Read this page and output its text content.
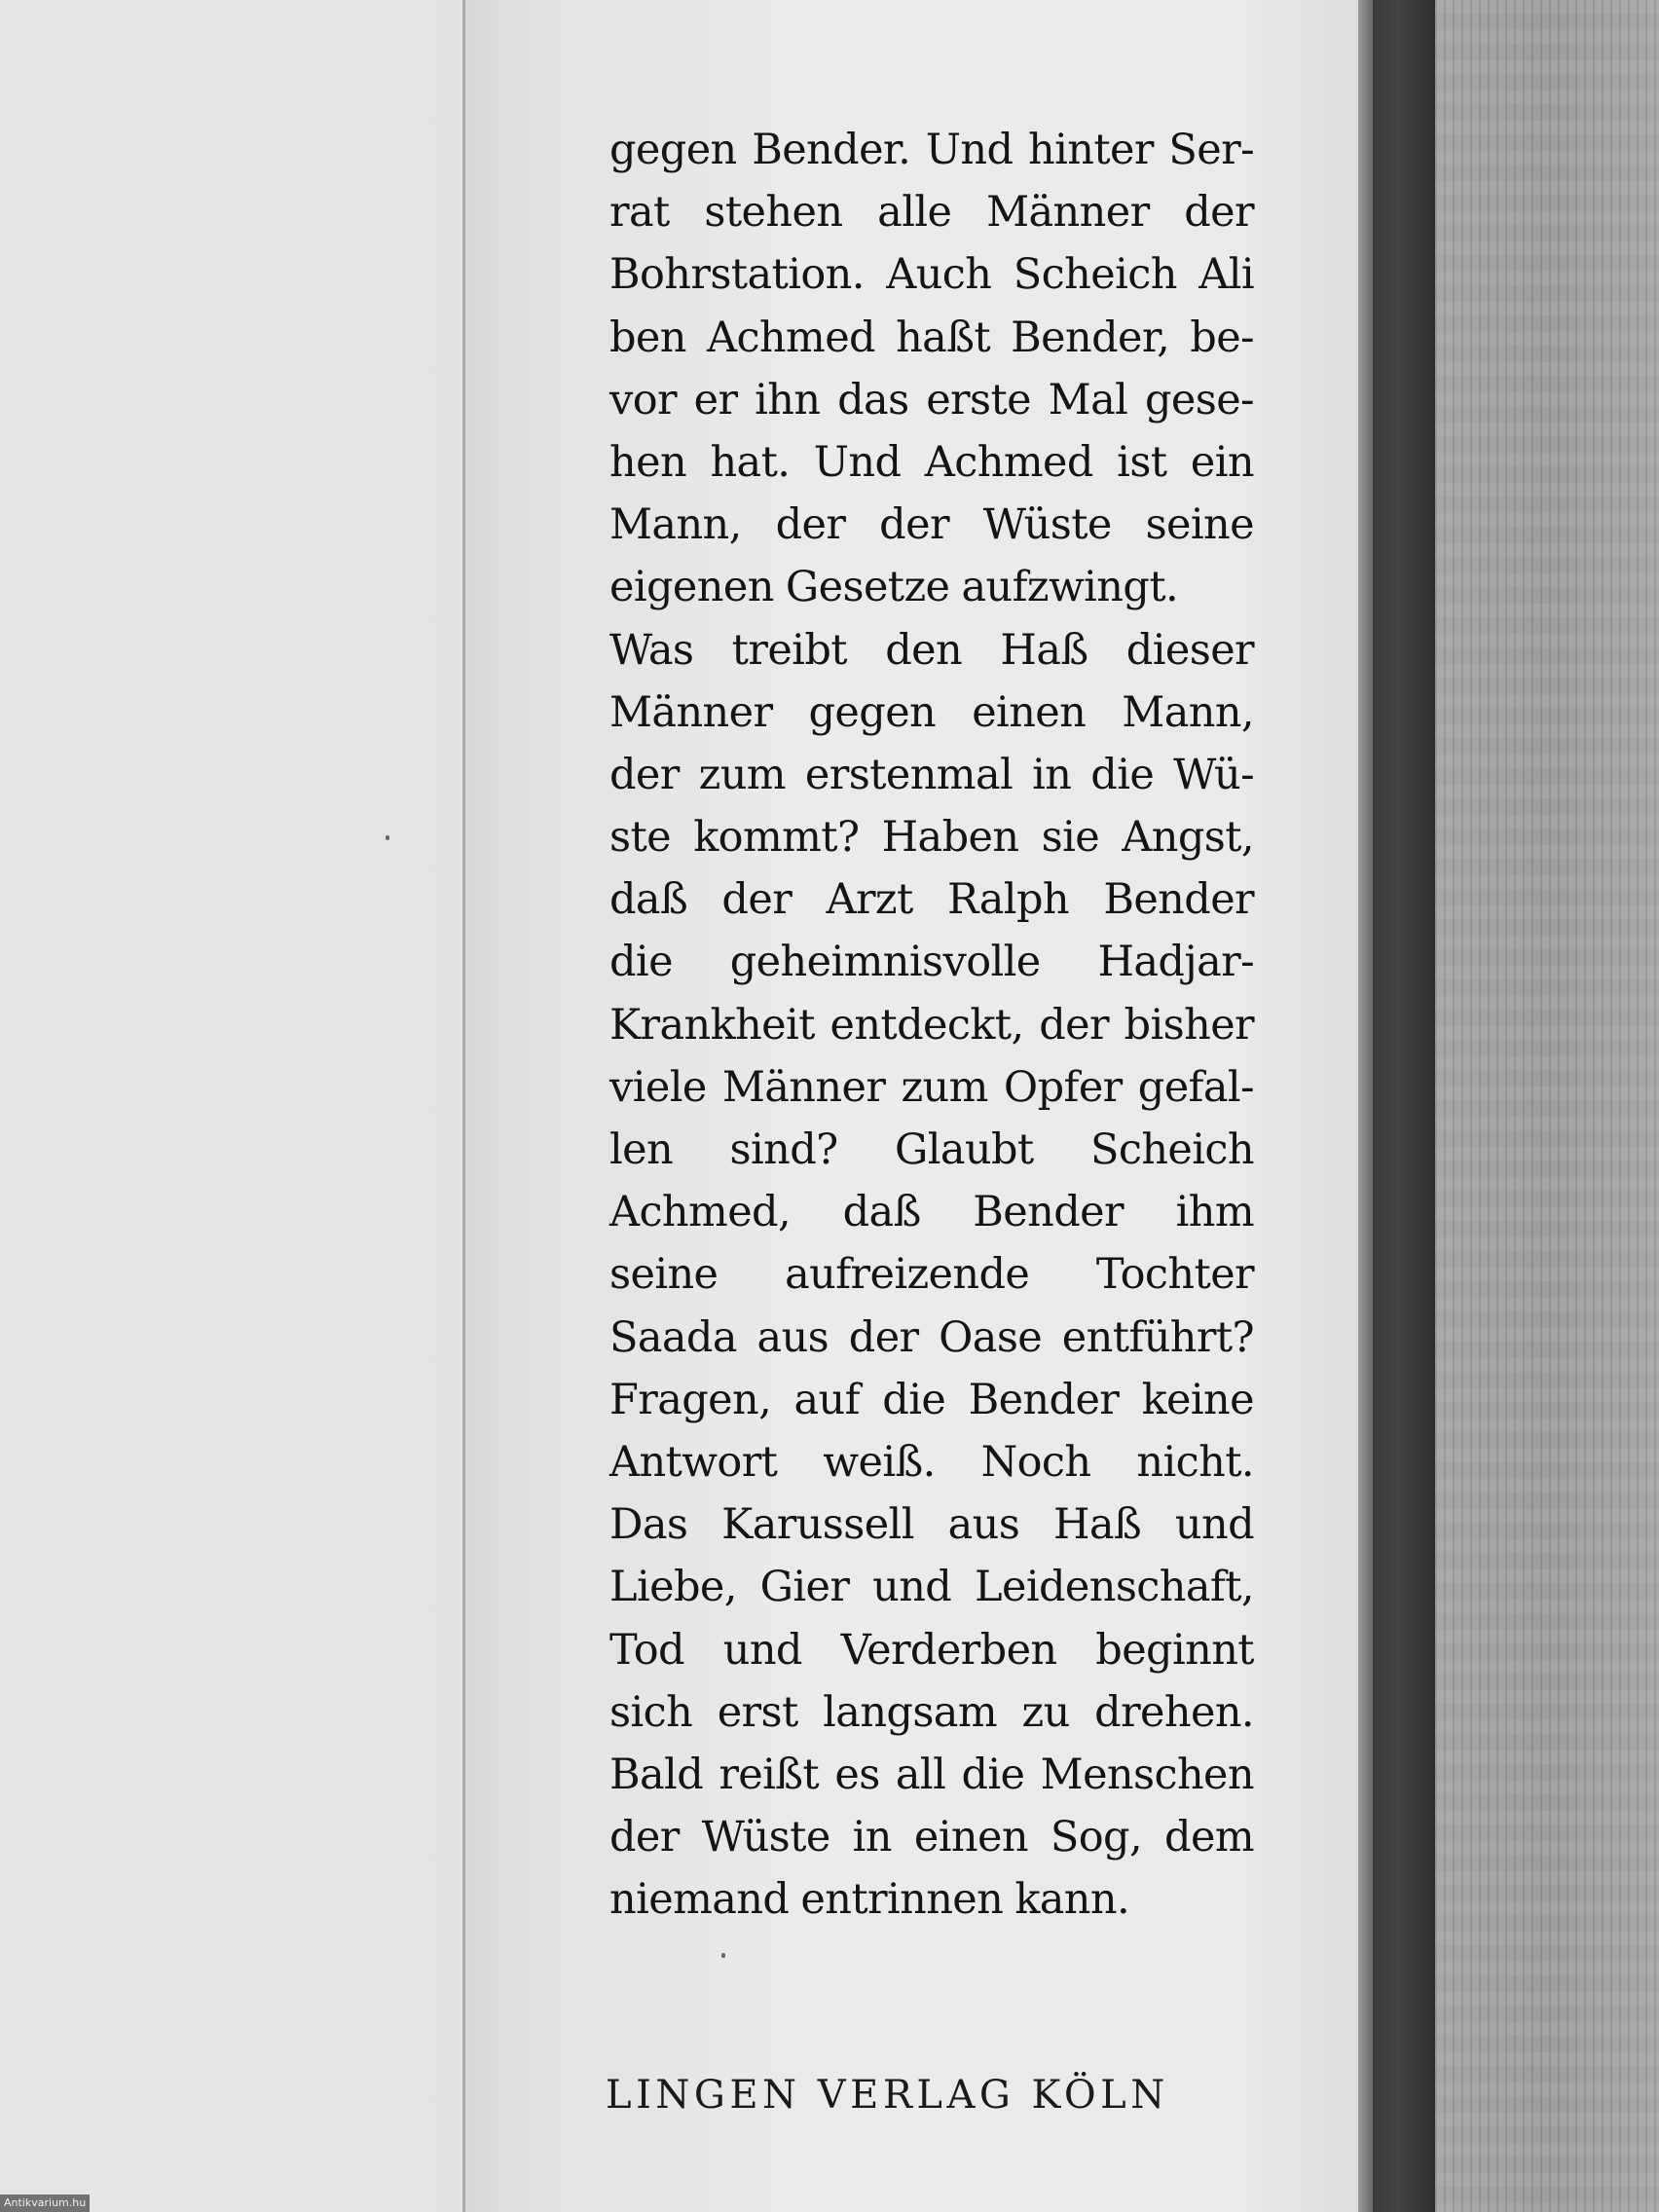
gegen Bender. Und hinter Ser-
rat stehen alle Männer der
Bohrstation. Auch Scheich Ali
ben Achmed haßt Bender, be-
vor er ihn das erste Mal gese-
hen hat. Und Achmed ist ein
Mann, der der Wüste seine
eigenen Gesetze aufzwingt.
Was treibt den Haß dieser
Männer gegen einen Mann,
der zum erstenmal in die Wü-
ste kommt? Haben sie Angst,
daß der Arzt Ralph Bender
die geheimnisvolle Hadjar-
Krankheit entdeckt, der bisher
viele Männer zum Opfer gefal-
len sind? Glaubt Scheich
Achmed, daß Bender ihm
seine aufreizende Tochter
Saada aus der Oase entführt?
Fragen, auf die Bender keine
Antwort weiß. Noch nicht.
Das Karussell aus Haß und
Liebe, Gier und Leidenschaft,
Tod und Verderben beginnt
sich erst langsam zu drehen.
Bald reißt es all die Menschen
der Wüste in einen Sog, dem
niemand entrinnen kann.
LINGEN VERLAG KÖLN
Antikvarium.hu
